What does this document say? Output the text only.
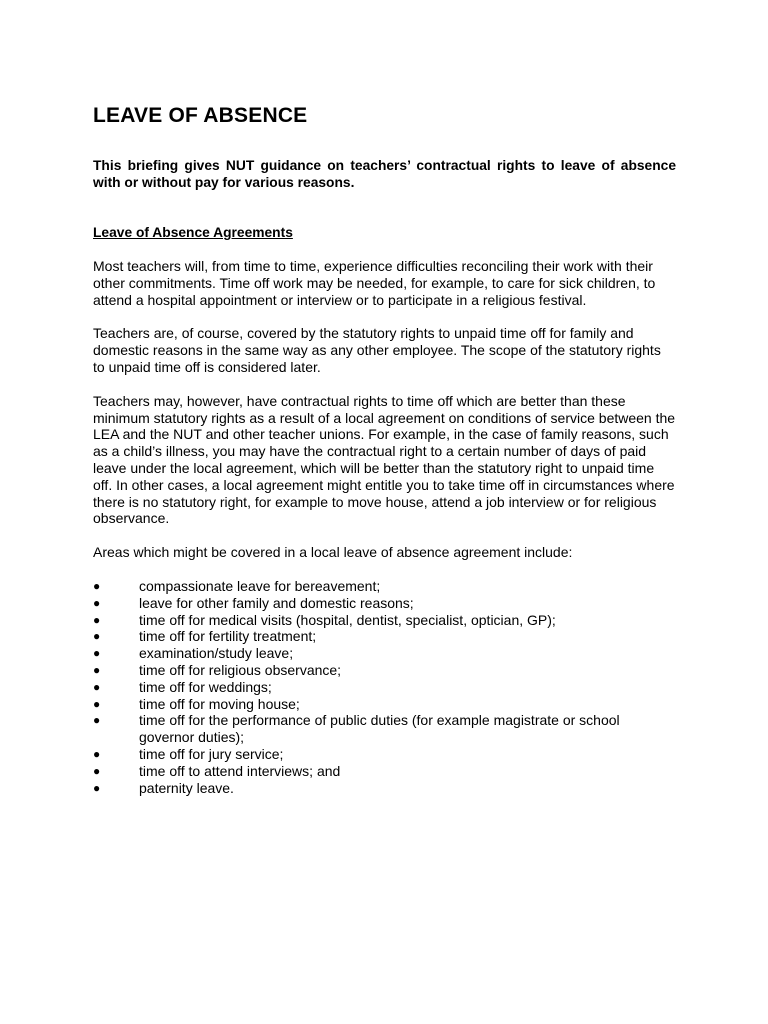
LEAVE OF ABSENCE

This briefing gives NUT guidance on teachers’ contractual rights to leave of absence with or without pay for various reasons.

Leave of Absence Agreements

Most teachers will, from time to time, experience difficulties reconciling their work with their other commitments. Time off work may be needed, for example, to care for sick children, to attend a hospital appointment or interview or to participate in a religious festival.

Teachers are, of course, covered by the statutory rights to unpaid time off for family and domestic reasons in the same way as any other employee. The scope of the statutory rights to unpaid time off is considered later.

Teachers may, however, have contractual rights to time off which are better than these minimum statutory rights as a result of a local agreement on conditions of service between the LEA and the NUT and other teacher unions. For example, in the case of family reasons, such as a child’s illness, you may have the contractual right to a certain number of days of paid leave under the local agreement, which will be better than the statutory right to unpaid time off. In other cases, a local agreement might entitle you to take time off in circumstances where there is no statutory right, for example to move house, attend a job interview or for religious observance.

Areas which might be covered in a local leave of absence agreement include:

●	compassionate leave for bereavement;
●	leave for other family and domestic reasons;
●	time off for medical visits (hospital, dentist, specialist, optician, GP);
●	time off for fertility treatment;
●	examination/study leave;
●	time off for religious observance;
●	time off for weddings;
●	time off for moving house;
●	time off for the performance of public duties (for example magistrate or school governor duties);
●	time off for jury service;
●	time off to attend interviews; and
●	paternity leave.
